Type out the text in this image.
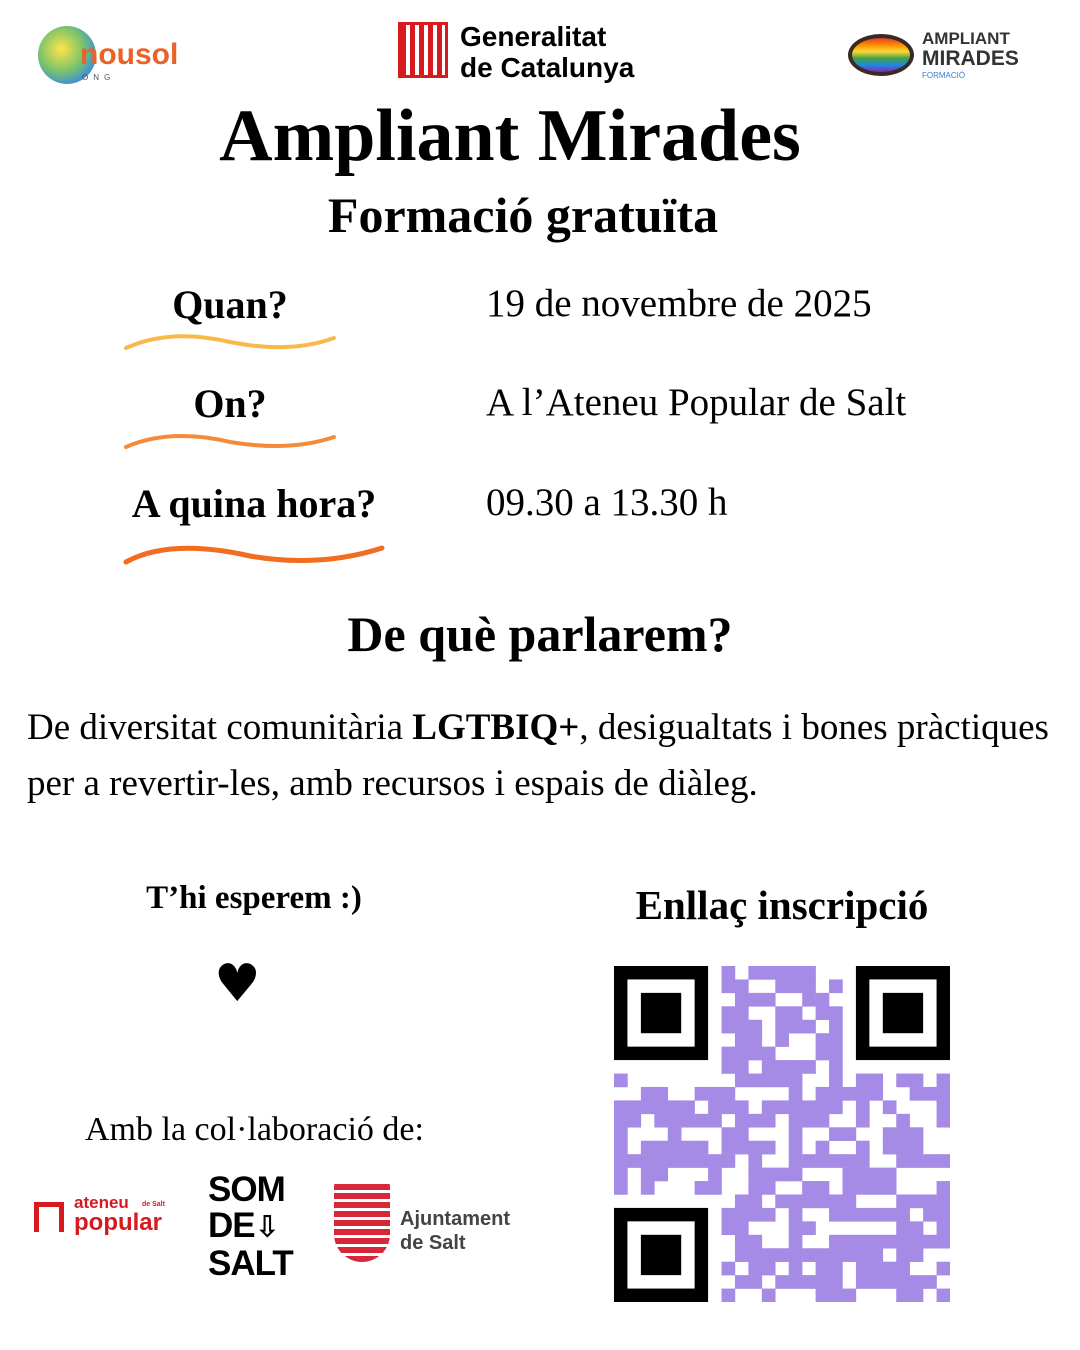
nousol
ONG
Generalitat
de Catalunya
AMPLIANT
MIRADES
FORMACIÓ
Ampliant Mirades
Formació gratuïta
Quan?	19 de novembre de 2025
On?	A l’Ateneu Popular de Salt
A quina hora?	09.30 a 13.30 h
De què parlarem?
De diversitat comunitària LGTBIQ+, desigualtats i bones pràctiques per a revertir-les, amb recursos i espais de diàleg.
T’hi esperem :)
♥
Amb la col·laboració de:
ateneu de Salt
popular
SOM
DE⇩
SALT
Ajuntament
de Salt
Enllaç inscripció
